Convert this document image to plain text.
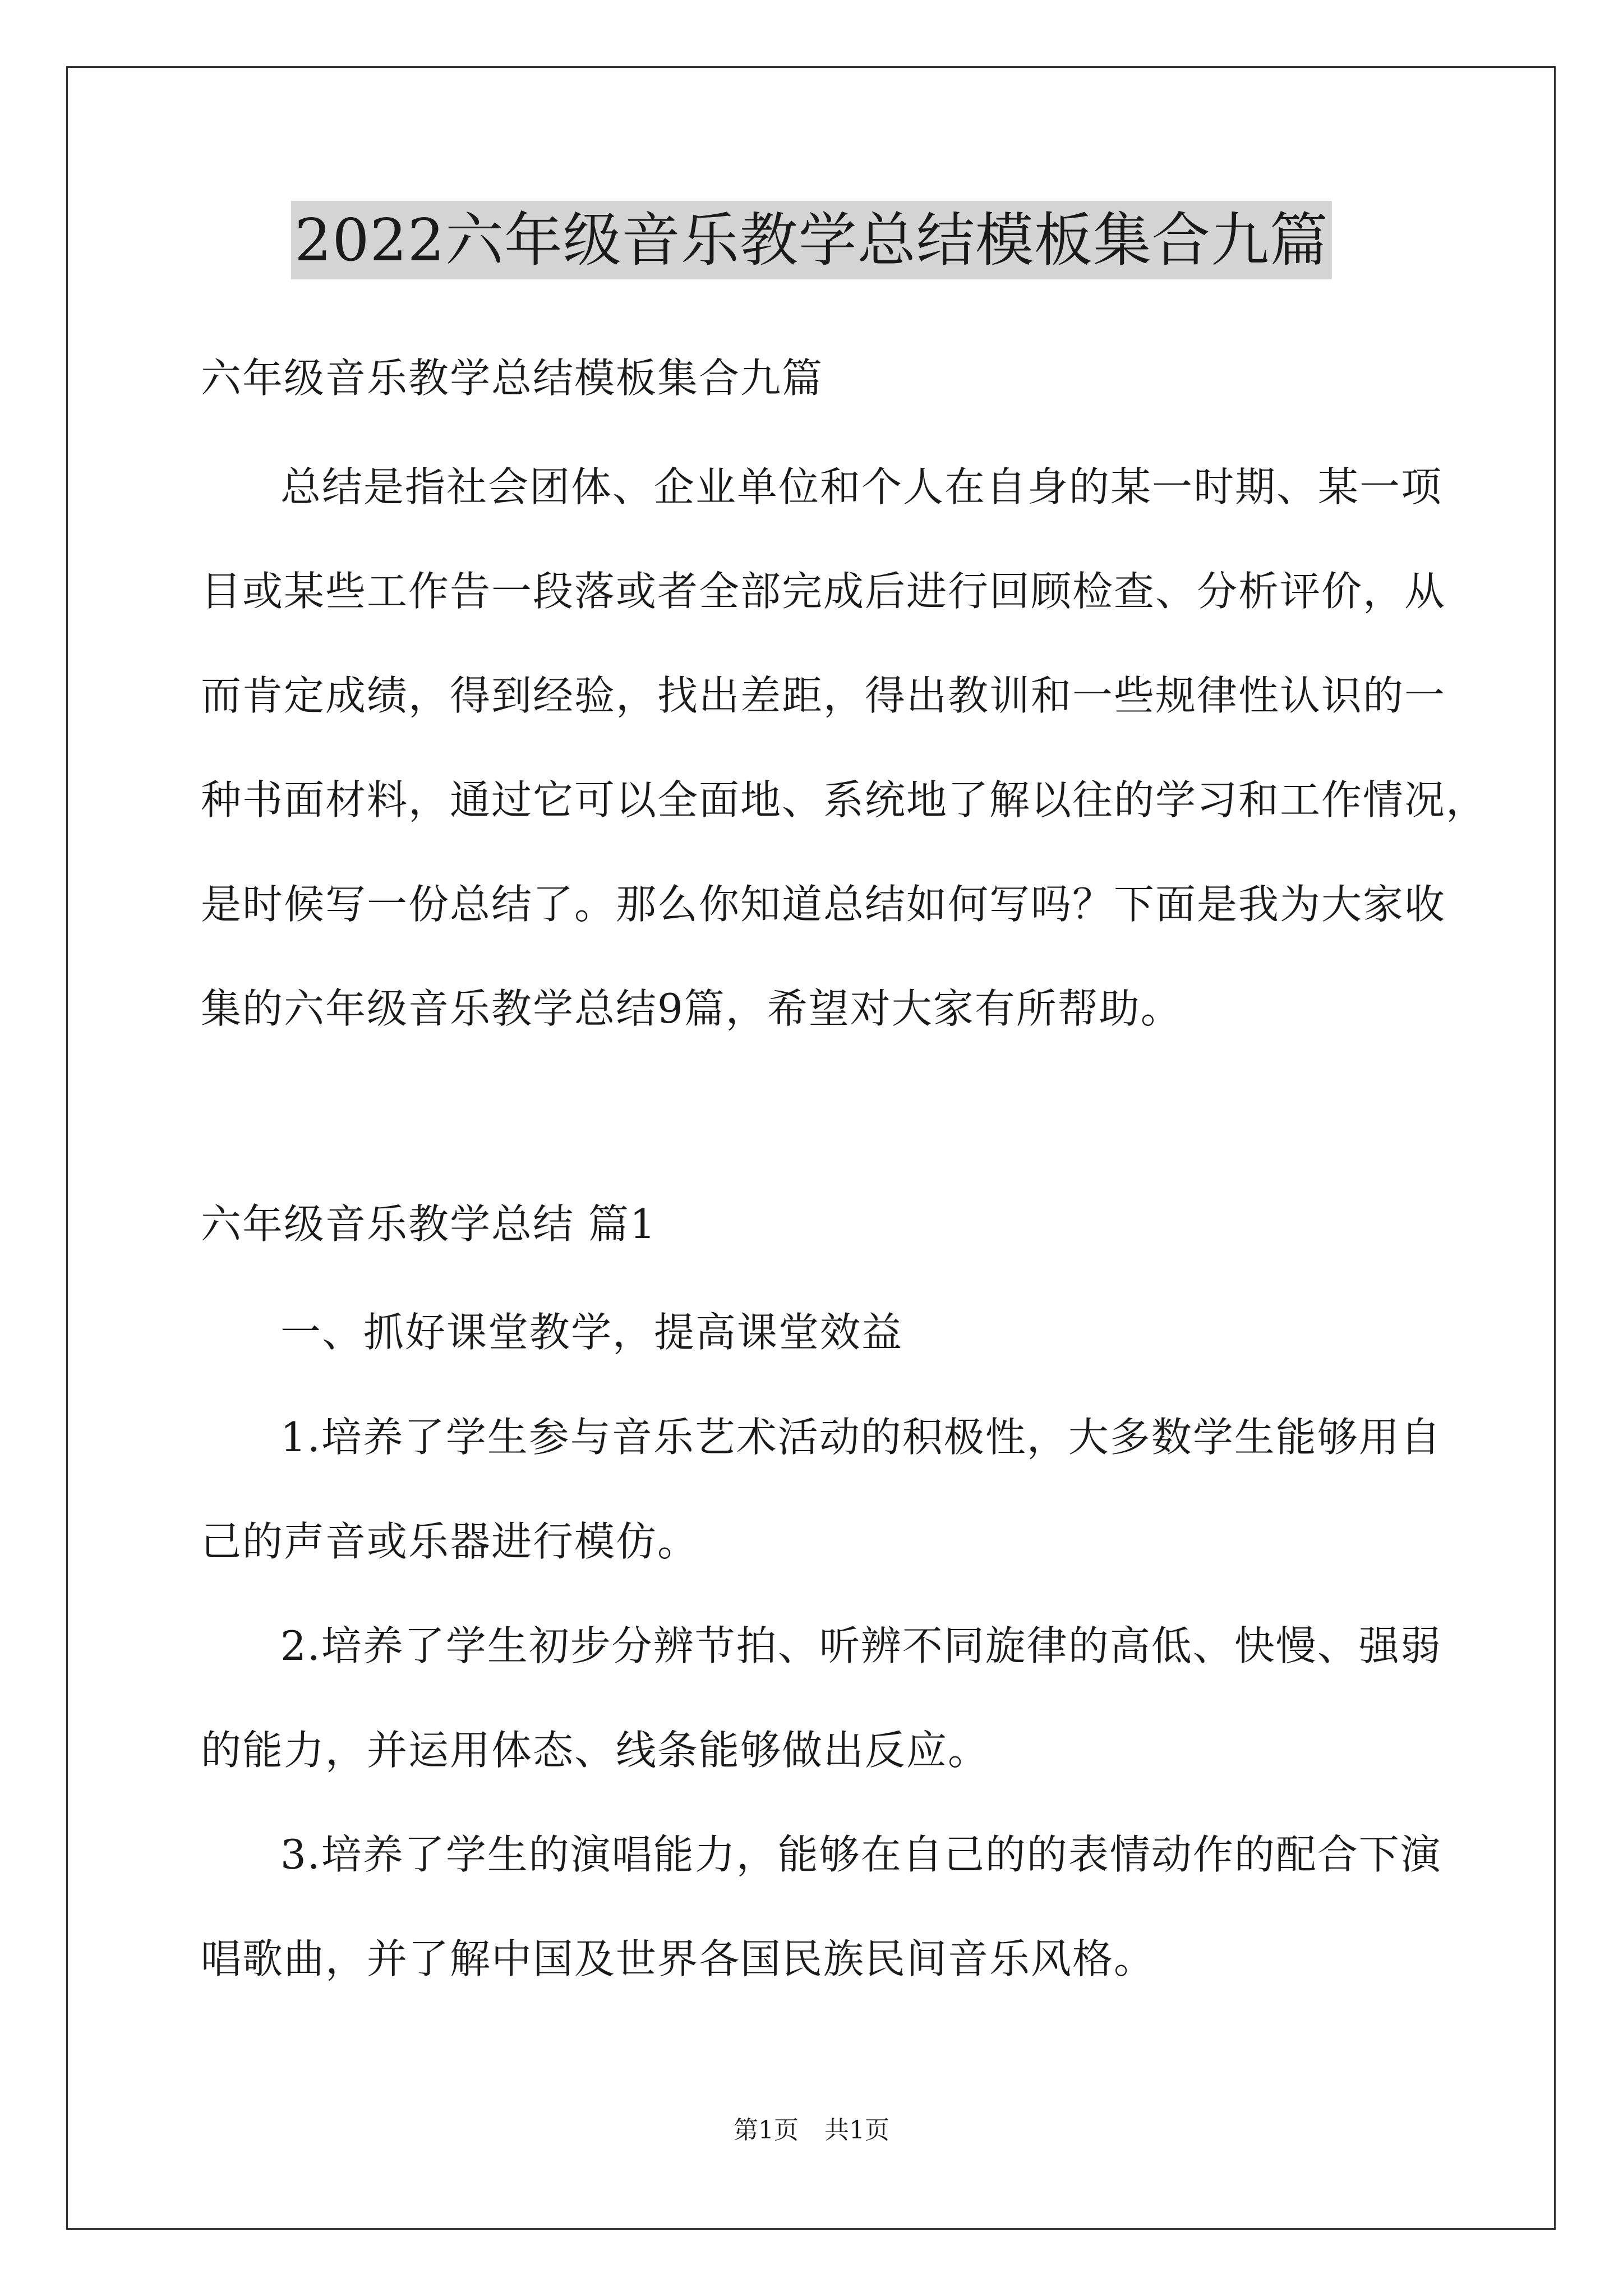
2022六年级音乐教学总结模板集合九篇
六年级音乐教学总结模板集合九篇
总结是指社会团体、企业单位和个人在自身的某一时期、某一项
目或某些工作告一段落或者全部完成后进行回顾检查、分析评价，从
而肯定成绩，得到经验，找出差距，得出教训和一些规律性认识的一
种书面材料，通过它可以全面地、系统地了解以往的学习和工作情况，
是时候写一份总结了。那么你知道总结如何写吗？下面是我为大家收
集的六年级音乐教学总结9篇，希望对大家有所帮助。
六年级音乐教学总结 篇1
一、抓好课堂教学，提高课堂效益
1.培养了学生参与音乐艺术活动的积极性，大多数学生能够用自
己的声音或乐器进行模仿。
2.培养了学生初步分辨节拍、听辨不同旋律的高低、快慢、强弱
的能力，并运用体态、线条能够做出反应。
3.培养了学生的演唱能力，能够在自己的的表情动作的配合下演
唱歌曲，并了解中国及世界各国民族民间音乐风格。
第1页 共1页
